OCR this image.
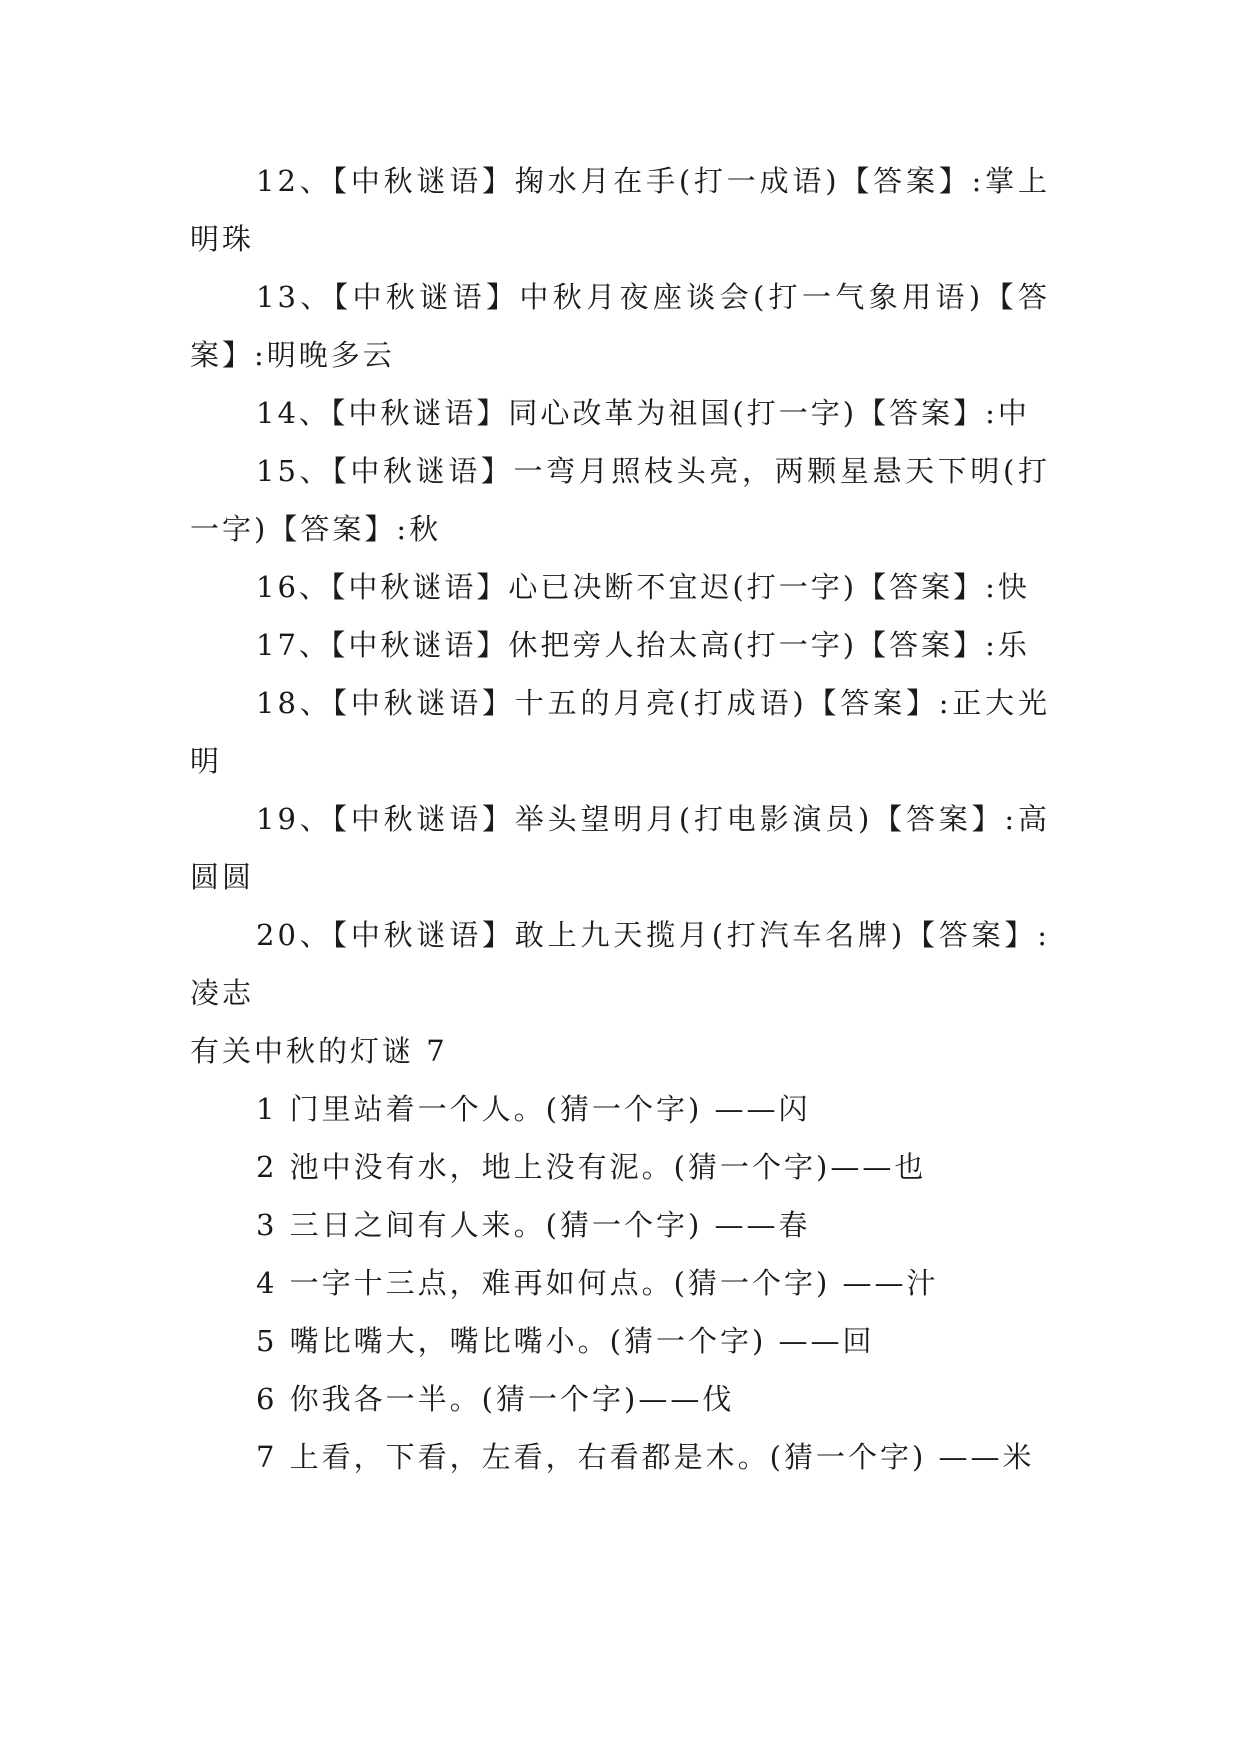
12、【中秋谜语】掬水月在手(打一成语)【答案】:掌上明珠

13、【中秋谜语】中秋月夜座谈会(打一气象用语)【答案】:明晚多云

14、【中秋谜语】同心改革为祖国(打一字)【答案】:中

15、【中秋谜语】一弯月照枝头亮，两颗星悬天下明(打一字)【答案】:秋

16、【中秋谜语】心已决断不宜迟(打一字)【答案】:快

17、【中秋谜语】休把旁人抬太高(打一字)【答案】:乐

18、【中秋谜语】十五的月亮(打成语)【答案】:正大光明

19、【中秋谜语】举头望明月(打电影演员)【答案】:高圆圆

20、【中秋谜语】敢上九天揽月(打汽车名牌)【答案】:凌志

有关中秋的灯谜 7

1 门里站着一个人。(猜一个字) ——闪

2 池中没有水，地上没有泥。(猜一个字)——也

3 三日之间有人来。(猜一个字) ——春

4 一字十三点，难再如何点。(猜一个字) ——汁

5 嘴比嘴大，嘴比嘴小。(猜一个字) ——回

6 你我各一半。(猜一个字)——伐

7 上看，下看，左看，右看都是木。(猜一个字) ——米
